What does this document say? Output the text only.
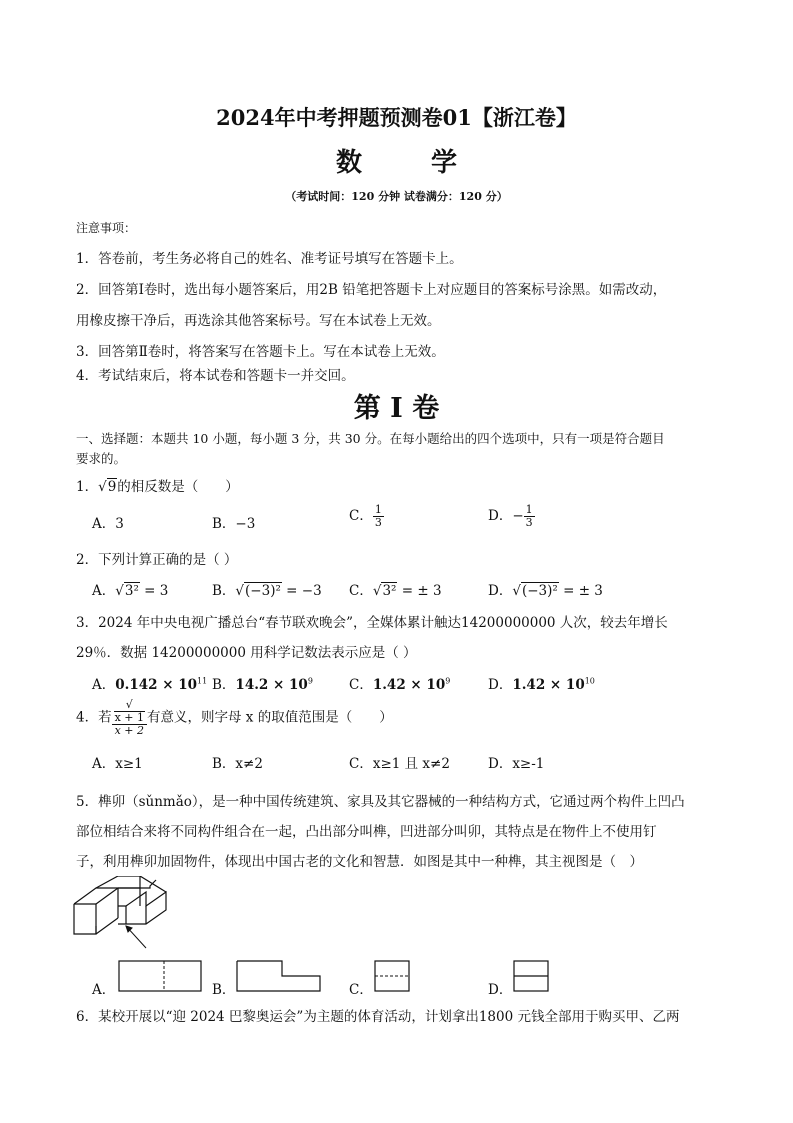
2024年中考押题预测卷01【浙江卷】
数 学
（考试时间：120 分钟 试卷满分：120 分）
注意事项：
1．答卷前，考生务必将自己的姓名、准考证号填写在答题卡上。
2．回答第Ⅰ卷时，选出每小题答案后，用2B 铅笔把答题卡上对应题目的答案标号涂黑。如需改动，
用橡皮擦干净后，再选涂其他答案标号。写在本试卷上无效。
3．回答第Ⅱ卷时，将答案写在答题卡上。写在本试卷上无效。
4．考试结束后，将本试卷和答题卡一并交回。
第 I 卷
一、选择题：本题共 10 小题，每小题 3 分，共 30 分。在每小题给出的四个选项中，只有一项是符合题目
要求的。
1．√9的相反数是（　　）
A．3	B．−3	C． $\frac{1}{3}$	D．− $\frac{1}{3}$
2．下列计算正确的是（ ）
A．√3² = 3	B．√(−3)² = −3 C．√3² = ± 3	D．√(−3)² = ± 3
3．2024 年中央电视广播总台“春节联欢晚会”，全媒体累计触达14200000000 人次，较去年增长
29％．数据 14200000000 用科学记数法表示应是（ ）
A．$0.142 \times 10^{11}$ B．$14.2 \times 10^9$	C．$1.42 \times 10^9$	D．$1.42 \times 10^{10}$
4．若 √
x + 1
x + 2 有意义，则字母 x 的取值范围是（　　）
A．x≥1	B．x≠2	C．x≥1 且 x≠2	D．x≥-1
5．榫卯（sǔnmǎo），是一种中国传统建筑、家具及其它器械的一种结构方式，它通过两个构件上凹凸
部位相结合来将不同构件组合在一起，凸出部分叫榫，凹进部分叫卯，其特点是在物件上不使用钉
子，利用榫卯加固物件，体现出中国古老的文化和智慧．如图是其中一种榫，其主视图是（　）
A．	B．	C．	D．
6．某校开展以“迎 2024 巴黎奥运会”为主题的体育活动，计划拿出1800 元钱全部用于购买甲、乙两
